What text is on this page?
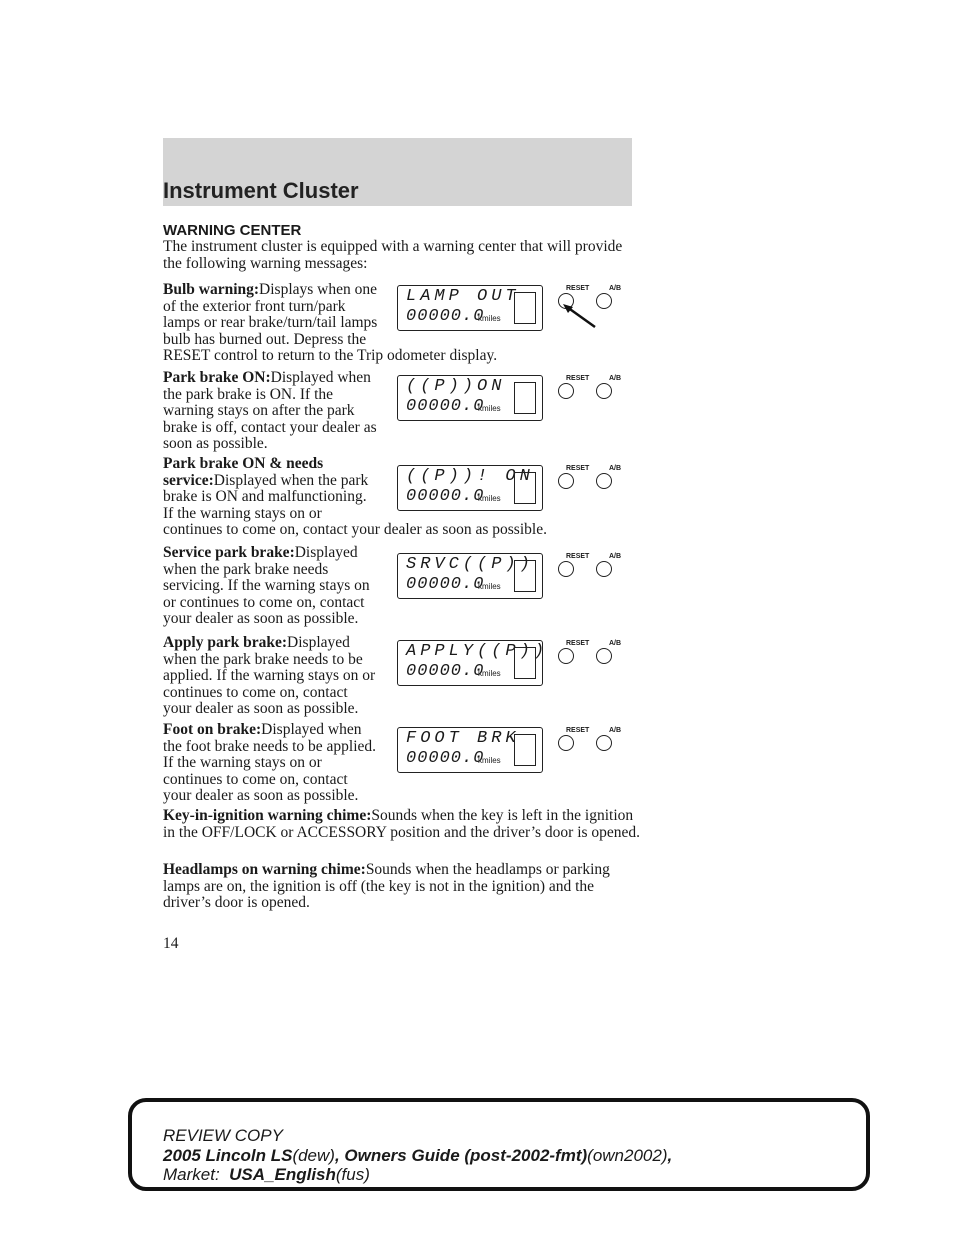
Instrument Cluster
WARNING CENTER
The instrument cluster is equipped with a warning center that will provide the following warning messages:
Bulb warning:Displays when one of the exterior front turn/park lamps or rear brake/turn/tail lamps bulb has burned out. Depress the RESET control to return to the Trip odometer display.
Park brake ON:Displayed when the park brake is ON. If the warning stays on after the park brake is off, contact your dealer as soon as possible.
Park brake ON & needs service:Displayed when the park brake is ON and malfunctioning. If the warning stays on or continues to come on, contact your dealer as soon as possible.
Service park brake:Displayed when the park brake needs servicing. If the warning stays on or continues to come on, contact your dealer as soon as possible.
Apply park brake:Displayed when the park brake needs to be applied. If the warning stays on or continues to come on, contact your dealer as soon as possible.
Foot on brake:Displayed when the foot brake needs to be applied. If the warning stays on or continues to come on, contact your dealer as soon as possible.
Key-in-ignition warning chime:Sounds when the key is left in the ignition in the OFF/LOCK or ACCESSORY position and the driver’s door is opened.
Headlamps on warning chime:Sounds when the headlamps or parking lamps are on, the ignition is off (the key is not in the ignition) and the driver’s door is opened.
LAMP OUT
00000.0
kmiles
((P))ON
00000.0
kmiles
((P))! ON
00000.0
kmiles
SRVC((P))
00000.0
kmiles
APPLY((P))
00000.0
kmiles
FOOT BRK
00000.0
kmiles
RESET	A/B
RESET	A/B
RESET	A/B
RESET	A/B
RESET	A/B
RESET	A/B
14
REVIEW COPY
2005 Lincoln LS(dew), Owners Guide (post-2002-fmt)(own2002),
Market: USA_English(fus)
